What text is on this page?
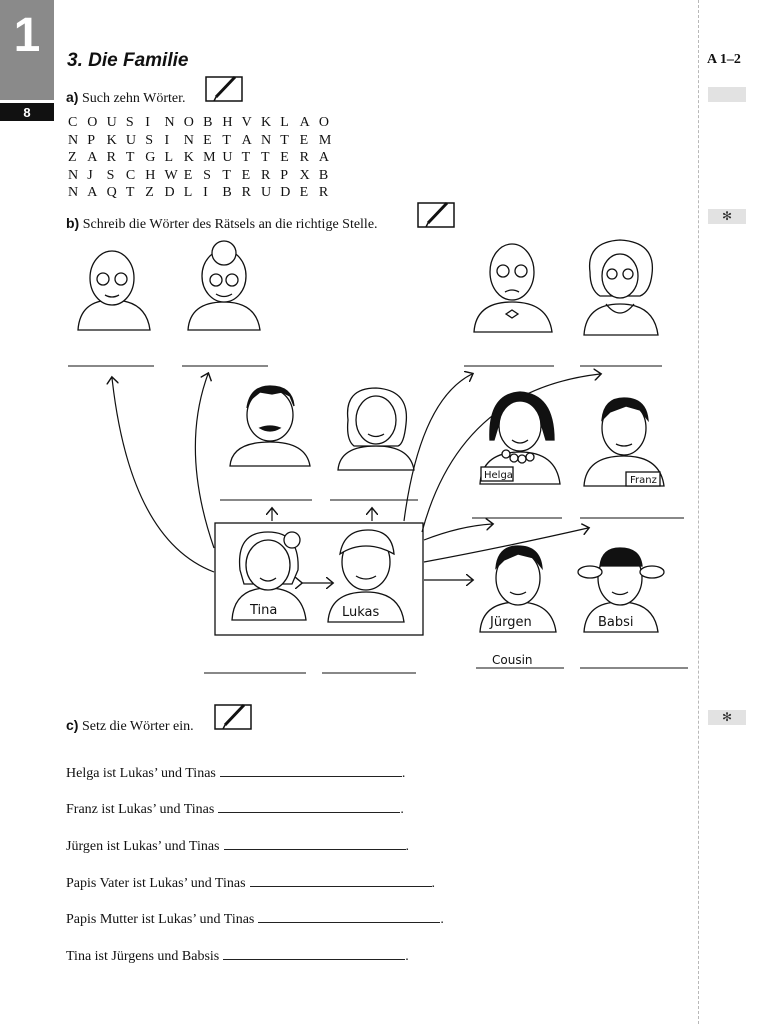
1
8
A 1–2
✻
✻
3. Die Familie
a) Such zehn Wörter.
C O U S I	N O B H V K L A O
N P K U S I	N E T A N T E M
Z A R T G L K M U T T E R A
N J S C H W E S T E R P X B
N A Q T Z D L I	B R U D E R
b) Schreib die Wörter des Rätsels an die richtige Stelle.
Helga	Franz
Tina	Lukas
Jürgen	Babsi
Cousin
c) Setz die Wörter ein.
Helga ist Lukas’ und Tinas	.
Franz ist Lukas’ und Tinas	.
Jürgen ist Lukas’ und Tinas	.
Papis Vater ist Lukas’ und Tinas	.
Papis Mutter ist Lukas’ und Tinas	.
Tina ist Jürgens und Babsis	.
